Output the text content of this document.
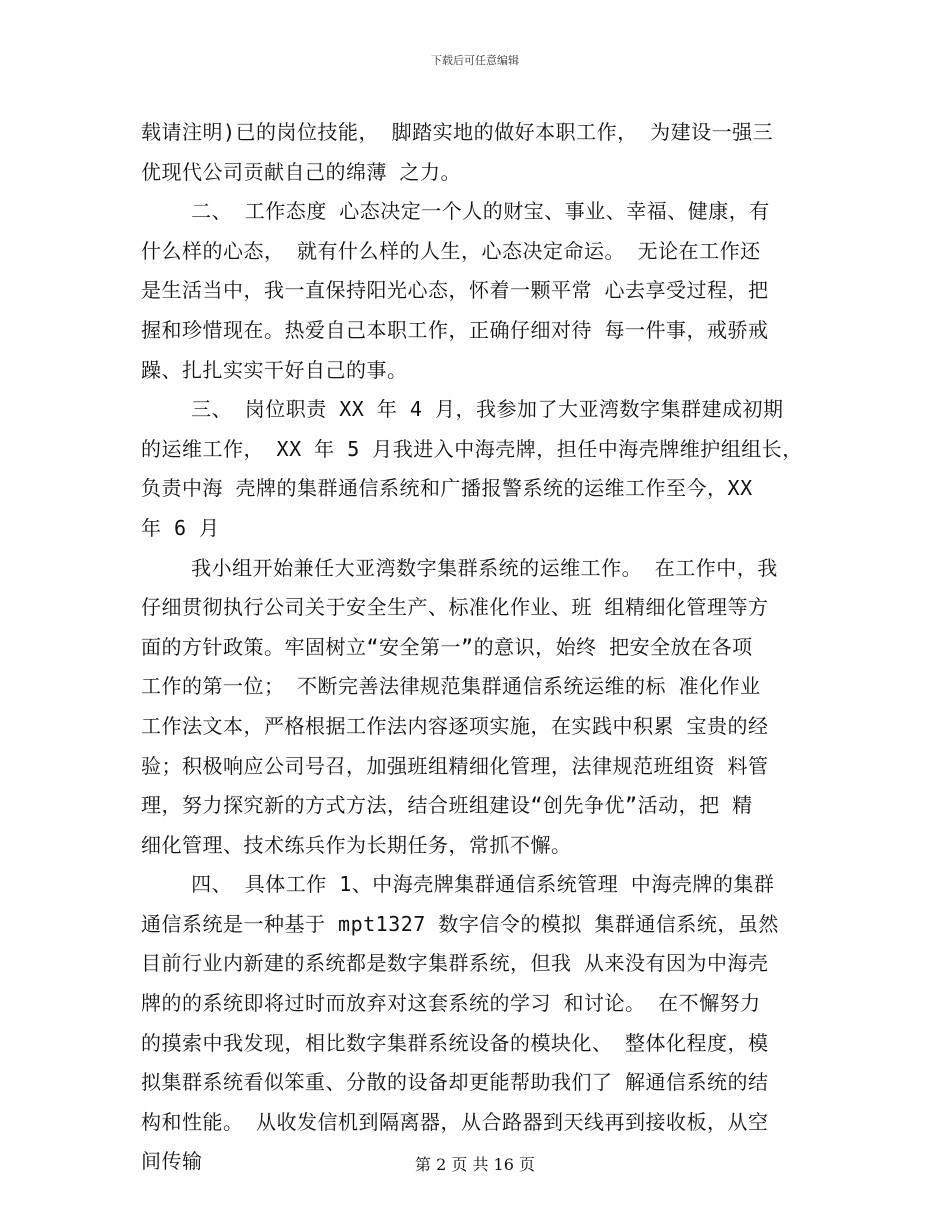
下载后可任意编辑
载请注明)已的岗位技能， 脚踏实地的做好本职工作， 为建设一强三
优现代公司贡献自己的绵薄 之力。
二、 工作态度 心态决定一个人的财宝、事业、幸福、健康，有
什么样的心态， 就有什么样的人生，心态决定命运。 无论在工作还
是生活当中，我一直保持阳光心态，怀着一颗平常 心去享受过程，把
握和珍惜现在。热爱自己本职工作，正确仔细对待 每一件事，戒骄戒
躁、扎扎实实干好自己的事。
三、 岗位职责 XX 年 4 月，我参加了大亚湾数字集群建成初期
的运维工作， XX 年 5 月我进入中海壳牌，担任中海壳牌维护组组长，
负责中海 壳牌的集群通信系统和广播报警系统的运维工作至今，XX
年 6 月
我小组开始兼任大亚湾数字集群系统的运维工作。 在工作中，我
仔细贯彻执行公司关于安全生产、标准化作业、班 组精细化管理等方
面的方针政策。牢固树立“安全第一”的意识，始终 把安全放在各项
工作的第一位； 不断完善法律规范集群通信系统运维的标 准化作业
工作法文本，严格根据工作法内容逐项实施，在实践中积累 宝贵的经
验；积极响应公司号召，加强班组精细化管理，法律规范班组资 料管
理，努力探究新的方式方法，结合班组建设“创先争优”活动，把 精
细化管理、技术练兵作为长期任务，常抓不懈。
四、 具体工作 1、中海壳牌集群通信系统管理 中海壳牌的集群
通信系统是一种基于 mpt1327 数字信令的模拟 集群通信系统，虽然
目前行业内新建的系统都是数字集群系统，但我 从来没有因为中海壳
牌的的系统即将过时而放弃对这套系统的学习 和讨论。 在不懈努力
的摸索中我发现，相比数字集群系统设备的模块化、 整体化程度，模
拟集群系统看似笨重、分散的设备却更能帮助我们了 解通信系统的结
构和性能。 从收发信机到隔离器，从合路器到天线再到接收板，从空
间传输	第 2 页 共 16 页
